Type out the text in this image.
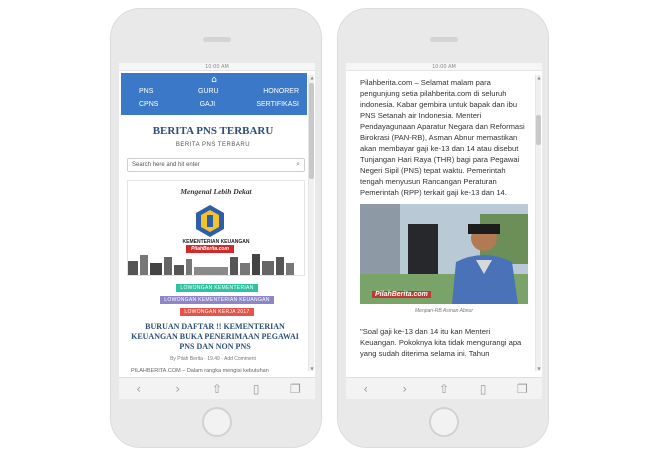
10:00 AM
⌂
PNS	GURU	HONORER
CPNS	GAJI	SERTIFIKASI
BERITA PNS TERBARU
BERITA PNS TERBARU
Search here and hit enter	⌕
Mengenal Lebih Dekat
KEMENTERIAN KEUANGAN
PilahBerita.com
LOWONGAN KEMENTERIAN
LOWONGAN KEMENTERIAN KEUANGAN
LOWONGAN KERJA 2017
BURUAN DAFTAR !! KEMENTERIAN KEUANGAN BUKA PENERIMAAN PEGAWAI PNS DAN NON PNS
By Pilah Berita · 19.49 · Add Comment
PILAHBERITA.COM – Dalam rangka mengisi kebutuhan
▲
▼
‹	›	⇧	▯	❐
10:00 AM
Pilahberita.com – Selamat malam para pengunjung setia pilahberita.com di seluruh indonesia. Kabar gembira untuk bapak dan ibu PNS Setanah air Indonesia. Menteri Pendayagunaan Aparatur Negara dan Reformasi Birokrasi (PAN-RB), Asman Abnur memastikan akan membayar gaji ke-13 dan 14 atau disebut Tunjangan Hari Raya (THR) bagi para Pegawai Negeri Sipil (PNS) tepat waktu. Pemerintah tengah menyusun Rancangan Peraturan Pemerintah (RPP) terkait gaji ke-13 dan 14.
PilahBerita.com
Menpan-RB Asman Abnur
"Soal gaji ke-13 dan 14 itu kan Menteri Keuangan. Pokoknya kita tidak mengurangi apa yang sudah diterima selama ini. Tahun
▲
▼
‹	›	⇧	▯	❐
